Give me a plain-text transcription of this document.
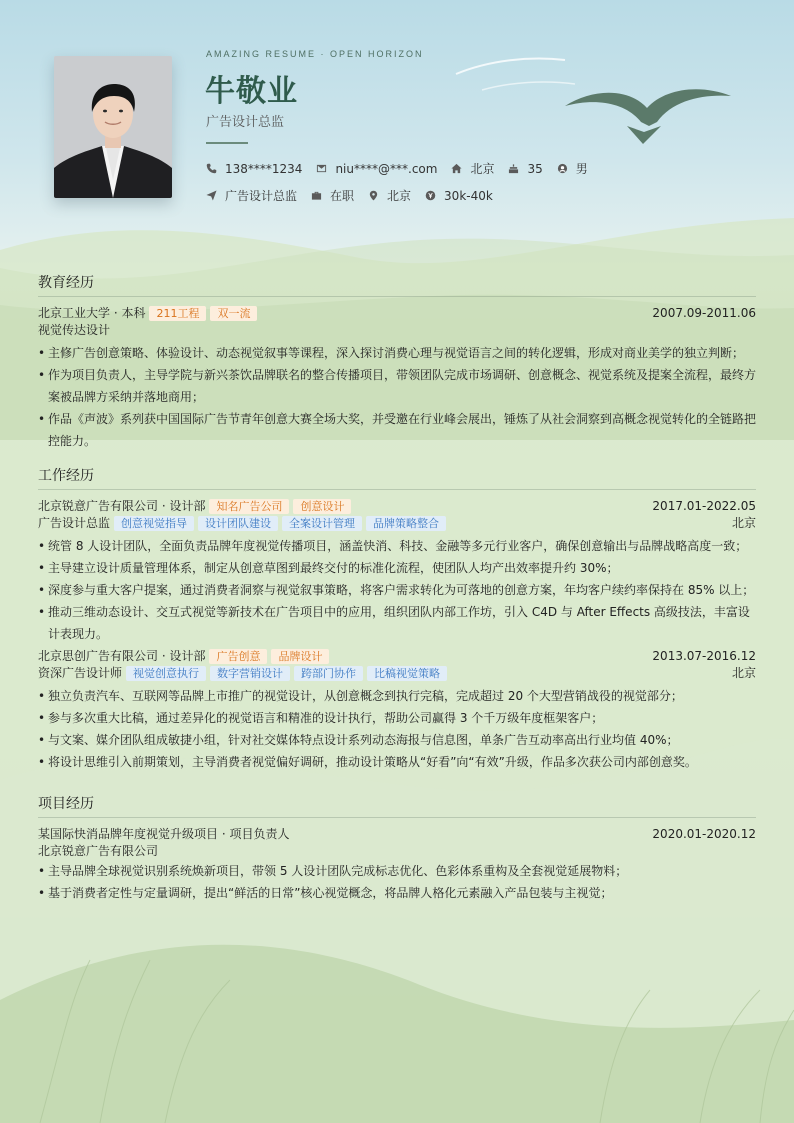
AMAZING RESUME · OPEN HORIZON
牛敬业
广告设计总监
138****1234	niu****@***.com	北京	35	男
广告设计总监	在职	北京	30k-40k
教育经历
北京工业大学 · 本科	211工程	双一流	2007.09-2011.06
视觉传达设计
• 主修广告创意策略、体验设计、动态视觉叙事等课程，深入探讨消费心理与视觉语言之间的转化逻辑，形成对商业美学的独立判断；
• 作为项目负责人，主导学院与新兴茶饮品牌联名的整合传播项目，带领团队完成市场调研、创意概念、视觉系统及提案全流程，最终方案被品牌方采纳并落地商用；
• 作品《声波》系列获中国国际广告节青年创意大赛全场大奖，并受邀在行业峰会展出，锤炼了从社会洞察到高概念视觉转化的全链路把控能力。
工作经历
北京锐意广告有限公司 · 设计部	知名广告公司	创意设计	2017.01-2022.05
广告设计总监	创意视觉指导	设计团队建设	全案设计管理	品牌策略整合	北京
• 统管 8 人设计团队，全面负责品牌年度视觉传播项目，涵盖快消、科技、金融等多元行业客户，确保创意输出与品牌战略高度一致；
• 主导建立设计质量管理体系，制定从创意草图到最终交付的标准化流程，使团队人均产出效率提升约 30%；
• 深度参与重大客户提案，通过消费者洞察与视觉叙事策略，将客户需求转化为可落地的创意方案，年均客户续约率保持在 85% 以上；
• 推动三维动态设计、交互式视觉等新技术在广告项目中的应用，组织团队内部工作坊，引入 C4D 与 After Effects 高级技法，丰富设计表现力。
北京思创广告有限公司 · 设计部	广告创意	品牌设计	2013.07-2016.12
资深广告设计师	视觉创意执行	数字营销设计	跨部门协作	比稿视觉策略	北京
• 独立负责汽车、互联网等品牌上市推广的视觉设计，从创意概念到执行完稿，完成超过 20 个大型营销战役的视觉部分；
• 参与多次重大比稿，通过差异化的视觉语言和精准的设计执行，帮助公司赢得 3 个千万级年度框架客户；
• 与文案、媒介团队组成敏捷小组，针对社交媒体特点设计系列动态海报与信息图，单条广告互动率高出行业均值 40%；
• 将设计思维引入前期策划，主导消费者视觉偏好调研，推动设计策略从“好看”向“有效”升级，作品多次获公司内部创意奖。
项目经历
某国际快消品牌年度视觉升级项目 · 项目负责人	2020.01-2020.12
北京锐意广告有限公司
• 主导品牌全球视觉识别系统焕新项目，带领 5 人设计团队完成标志优化、色彩体系重构及全套视觉延展物料；
• 基于消费者定性与定量调研，提出“鲜活的日常”核心视觉概念，将品牌人格化元素融入产品包装与主视觉；
